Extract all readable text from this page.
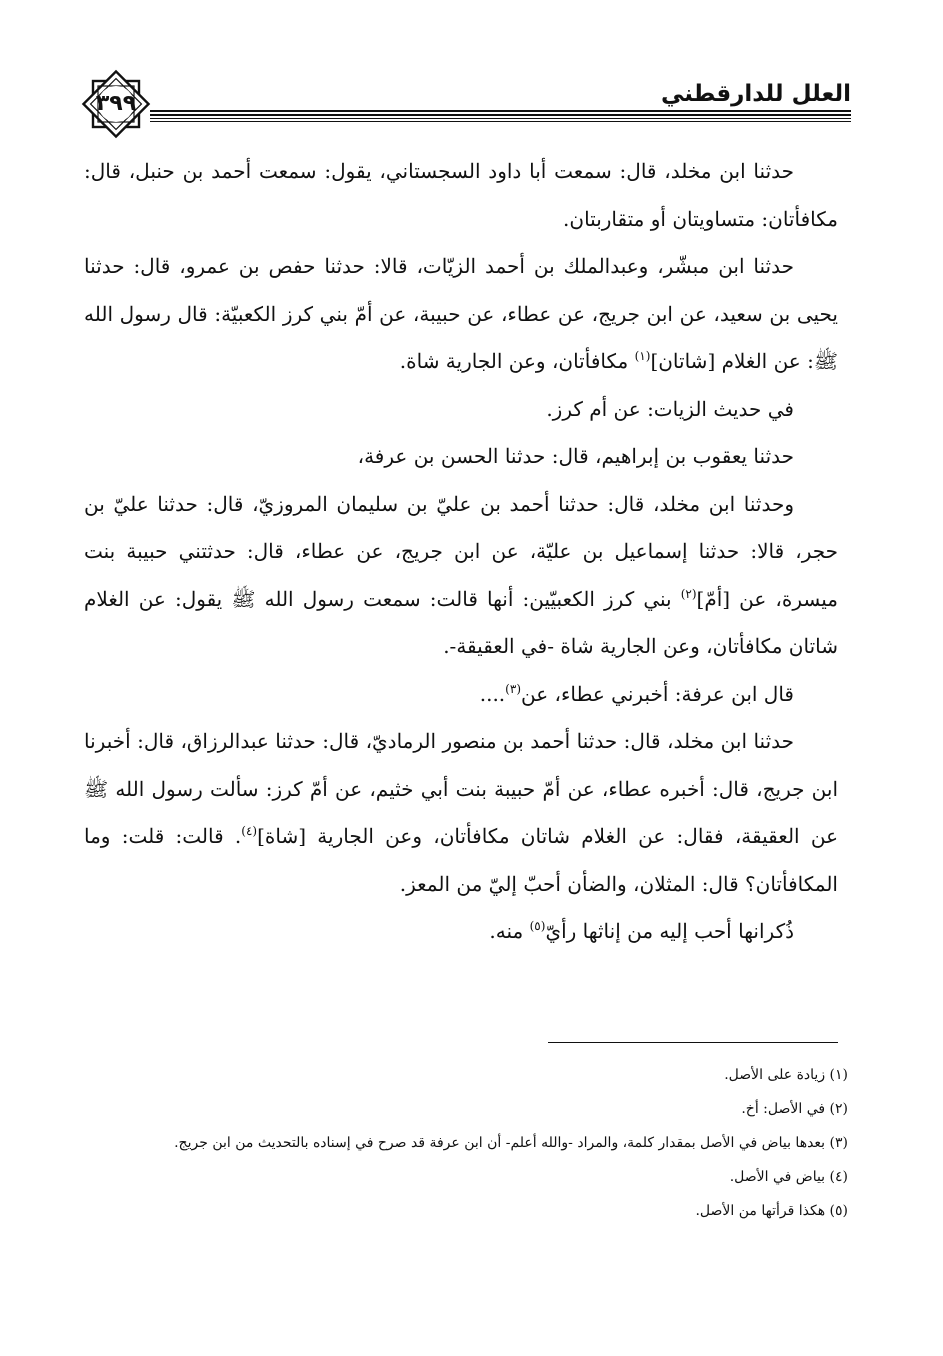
العلل للدارقطني
٣٩٩

حدثنا ابن مخلد، قال: سمعت أبا داود السجستاني، يقول: سمعت أحمد بن حنبل، قال: مكافأتان: متساويتان أو متقاربتان.

حدثنا ابن مبشّر، وعبدالملك بن أحمد الزيّات، قالا: حدثنا حفص بن عمرو، قال: حدثنا يحيى بن سعيد، عن ابن جريج، عن عطاء، عن حبيبة، عن أمّ بني كرز الكعبيّة: قال رسول الله ﷺ: عن الغلام [شاتان]$^{(١)}$ مكافأتان، وعن الجارية شاة.

في حديث الزيات: عن أم كرز.

حدثنا يعقوب بن إبراهيم، قال: حدثنا الحسن بن عرفة،

وحدثنا ابن مخلد، قال: حدثنا أحمد بن عليّ بن سليمان المروزيّ، قال: حدثنا عليّ بن حجر، قالا: حدثنا إسماعيل بن عليّة، عن ابن جريج، عن عطاء، قال: حدثتني حبيبة بنت ميسرة، عن [أمّ]$^{(٢)}$ بني كرز الكعبيّين: أنها قالت: سمعت رسول الله ﷺ يقول: عن الغلام شاتان مكافأتان، وعن الجارية شاة -في العقيقة-.

قال ابن عرفة: أخبرني عطاء، عن$^{(٣)}$....

حدثنا ابن مخلد، قال: حدثنا أحمد بن منصور الرماديّ، قال: حدثنا عبدالرزاق، قال: أخبرنا ابن جريج، قال: أخبره عطاء، عن أمّ حبيبة بنت أبي خثيم، عن أمّ كرز: سألت رسول الله ﷺ عن العقيقة، فقال: عن الغلام شاتان مكافأتان، وعن الجارية [شاة]$^{(٤)}$. قالت: قلت: وما المكافأتان؟ قال: المثلان، والضأن أحبّ إليّ من المعز.

ذُكرانها أحب إليه من إناثها رأيّ$^{(٥)}$ منه.

(١) زيادة على الأصل.

(٢) في الأصل: أخ.

(٣) بعدها بياض في الأصل بمقدار كلمة، والمراد -والله أعلم- أن ابن عرفة قد صرح في إسناده بالتحديث من ابن جريج.

(٤) بياض في الأصل.

(٥) هكذا قرأتها من الأصل.
